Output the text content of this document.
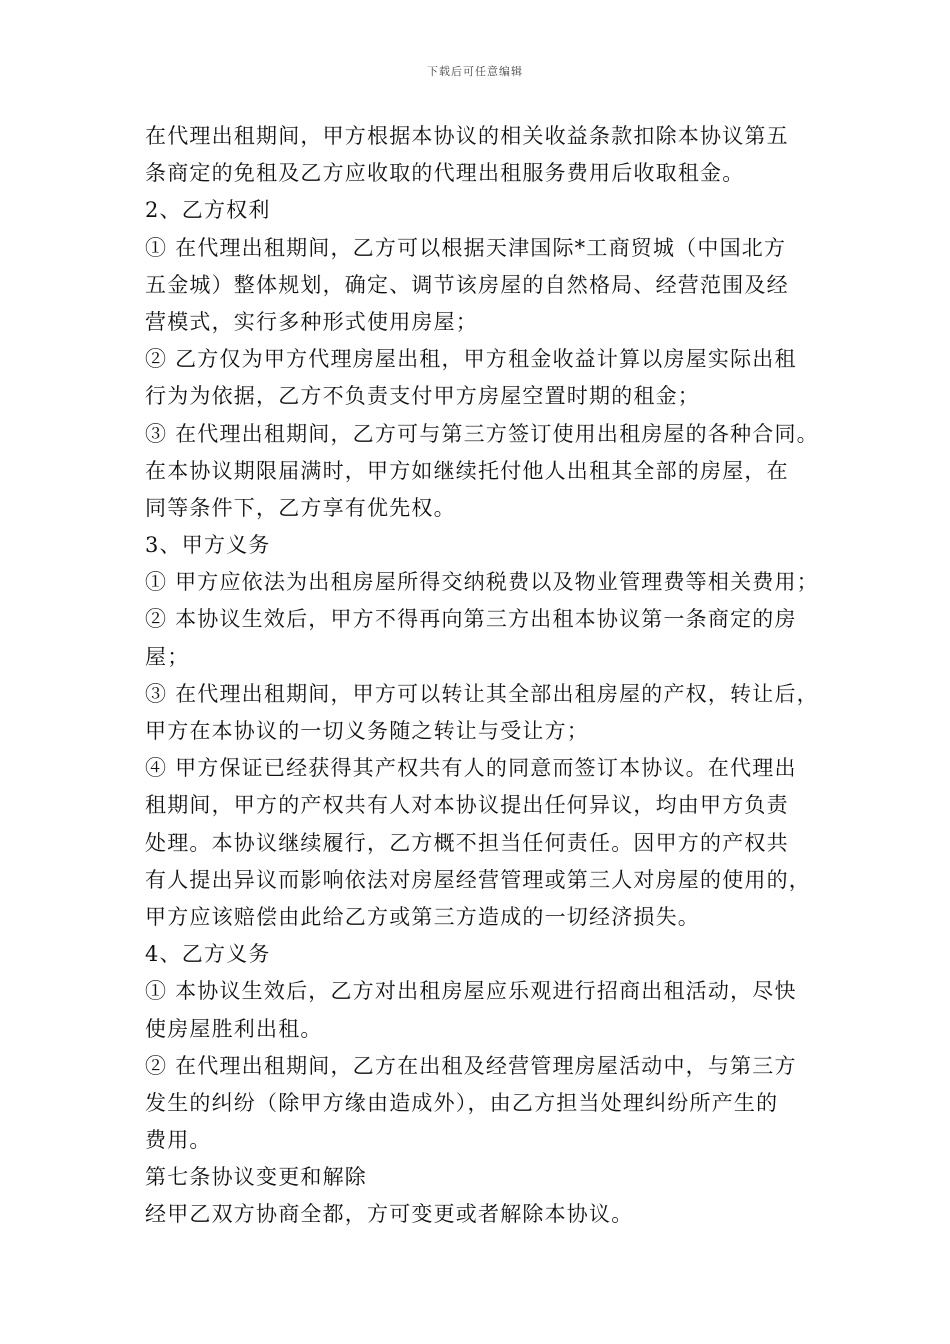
下载后可任意编辑
在代理出租期间，甲方根据本协议的相关收益条款扣除本协议第五
条商定的免租及乙方应收取的代理出租服务费用后收取租金。
2、乙方权利
① 在代理出租期间，乙方可以根据天津国际*工商贸城（中国北方
五金城）整体规划，确定、调节该房屋的自然格局、经营范围及经
营模式，实行多种形式使用房屋；
② 乙方仅为甲方代理房屋出租，甲方租金收益计算以房屋实际出租
行为为依据，乙方不负责支付甲方房屋空置时期的租金；
③ 在代理出租期间，乙方可与第三方签订使用出租房屋的各种合同。
在本协议期限届满时，甲方如继续托付他人出租其全部的房屋，在
同等条件下，乙方享有优先权。
3、甲方义务
① 甲方应依法为出租房屋所得交纳税费以及物业管理费等相关费用；
② 本协议生效后，甲方不得再向第三方出租本协议第一条商定的房
屋；
③ 在代理出租期间，甲方可以转让其全部出租房屋的产权，转让后，
甲方在本协议的一切义务随之转让与受让方；
④ 甲方保证已经获得其产权共有人的同意而签订本协议。在代理出
租期间，甲方的产权共有人对本协议提出任何异议，均由甲方负责
处理。本协议继续履行，乙方概不担当任何责任。因甲方的产权共
有人提出异议而影响依法对房屋经营管理或第三人对房屋的使用的，
甲方应该赔偿由此给乙方或第三方造成的一切经济损失。
4、乙方义务
① 本协议生效后，乙方对出租房屋应乐观进行招商出租活动，尽快
使房屋胜利出租。
② 在代理出租期间，乙方在出租及经营管理房屋活动中，与第三方
发生的纠纷（除甲方缘由造成外），由乙方担当处理纠纷所产生的
费用。
第七条协议变更和解除
经甲乙双方协商全都，方可变更或者解除本协议。
